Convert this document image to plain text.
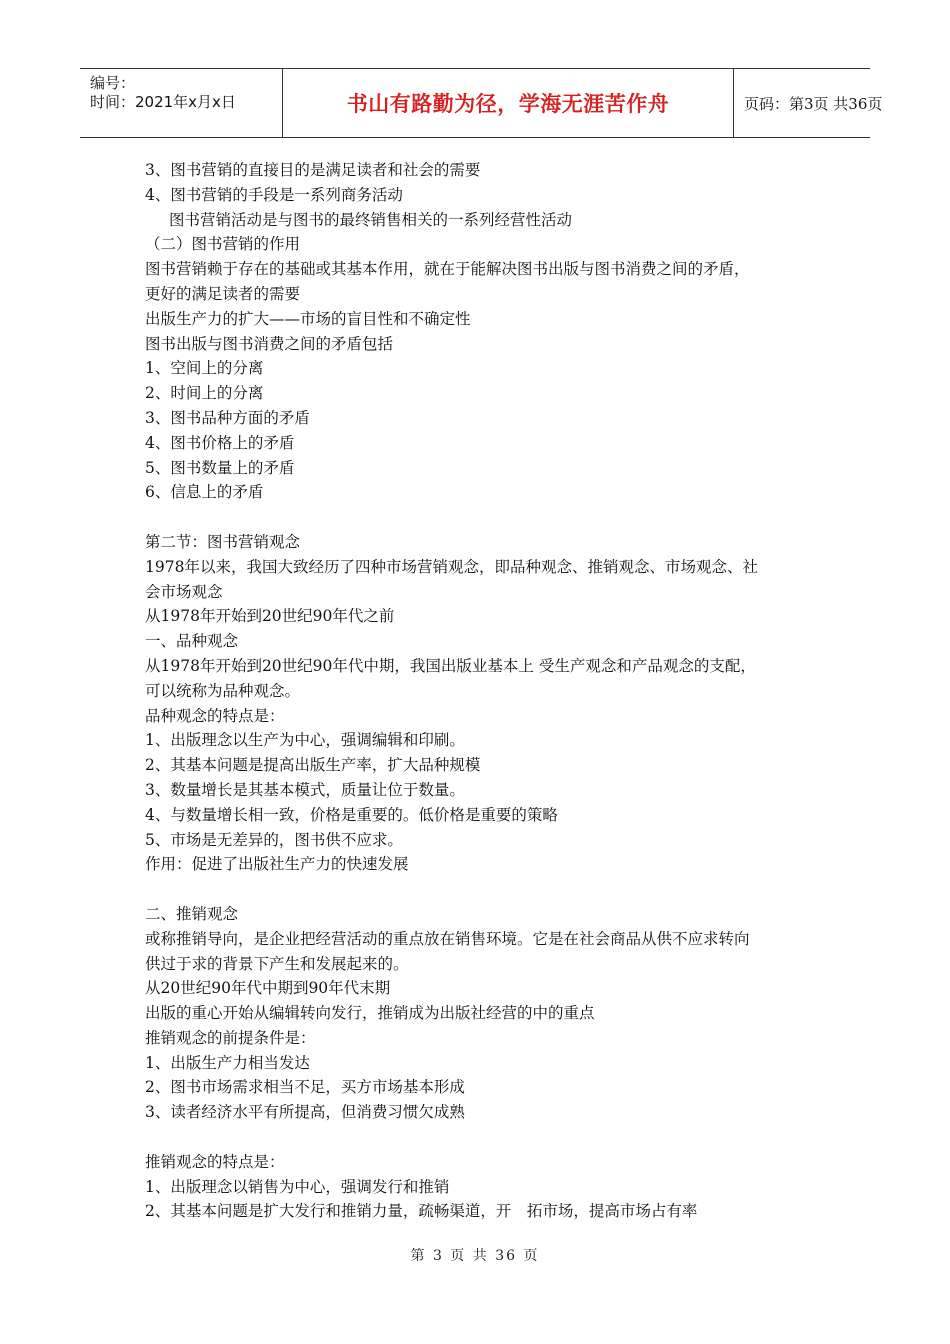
编号：
时间：2021年x月x日	书山有路勤为径，学海无涯苦作舟	页码：第3页 共36页
3、图书营销的直接目的是满足读者和社会的需要
4、图书营销的手段是一系列商务活动
图书营销活动是与图书的最终销售相关的一系列经营性活动
（二）图书营销的作用
图书营销赖于存在的基础或其基本作用，就在于能解决图书出版与图书消费之间的矛盾，
更好的满足读者的需要
出版生产力的扩大——市场的盲目性和不确定性
图书出版与图书消费之间的矛盾包括
1、空间上的分离
2、时间上的分离
3、图书品种方面的矛盾
4、图书价格上的矛盾
5、图书数量上的矛盾
6、信息上的矛盾
第二节：图书营销观念
1978年以来，我国大致经历了四种市场营销观念，即品种观念、推销观念、市场观念、社
会市场观念
从1978年开始到20世纪90年代之前
一、品种观念
从1978年开始到20世纪90年代中期，我国出版业基本上 受生产观念和产品观念的支配，
可以统称为品种观念。
品种观念的特点是：
1、出版理念以生产为中心，强调编辑和印刷。
2、其基本问题是提高出版生产率，扩大品种规模
3、数量增长是其基本模式，质量让位于数量。
4、与数量增长相一致，价格是重要的。低价格是重要的策略
5、市场是无差异的，图书供不应求。
作用：促进了出版社生产力的快速发展
二、推销观念
或称推销导向，是企业把经营活动的重点放在销售环境。它是在社会商品从供不应求转向
供过于求的背景下产生和发展起来的。
从20世纪90年代中期到90年代末期
出版的重心开始从编辑转向发行，推销成为出版社经营的中的重点
推销观念的前提条件是：
1、出版生产力相当发达
2、图书市场需求相当不足，买方市场基本形成
3、读者经济水平有所提高，但消费习惯欠成熟
推销观念的特点是：
1、出版理念以销售为中心，强调发行和推销
2、其基本问题是扩大发行和推销力量，疏畅渠道，开　拓市场，提高市场占有率
第 3 页 共 36 页
